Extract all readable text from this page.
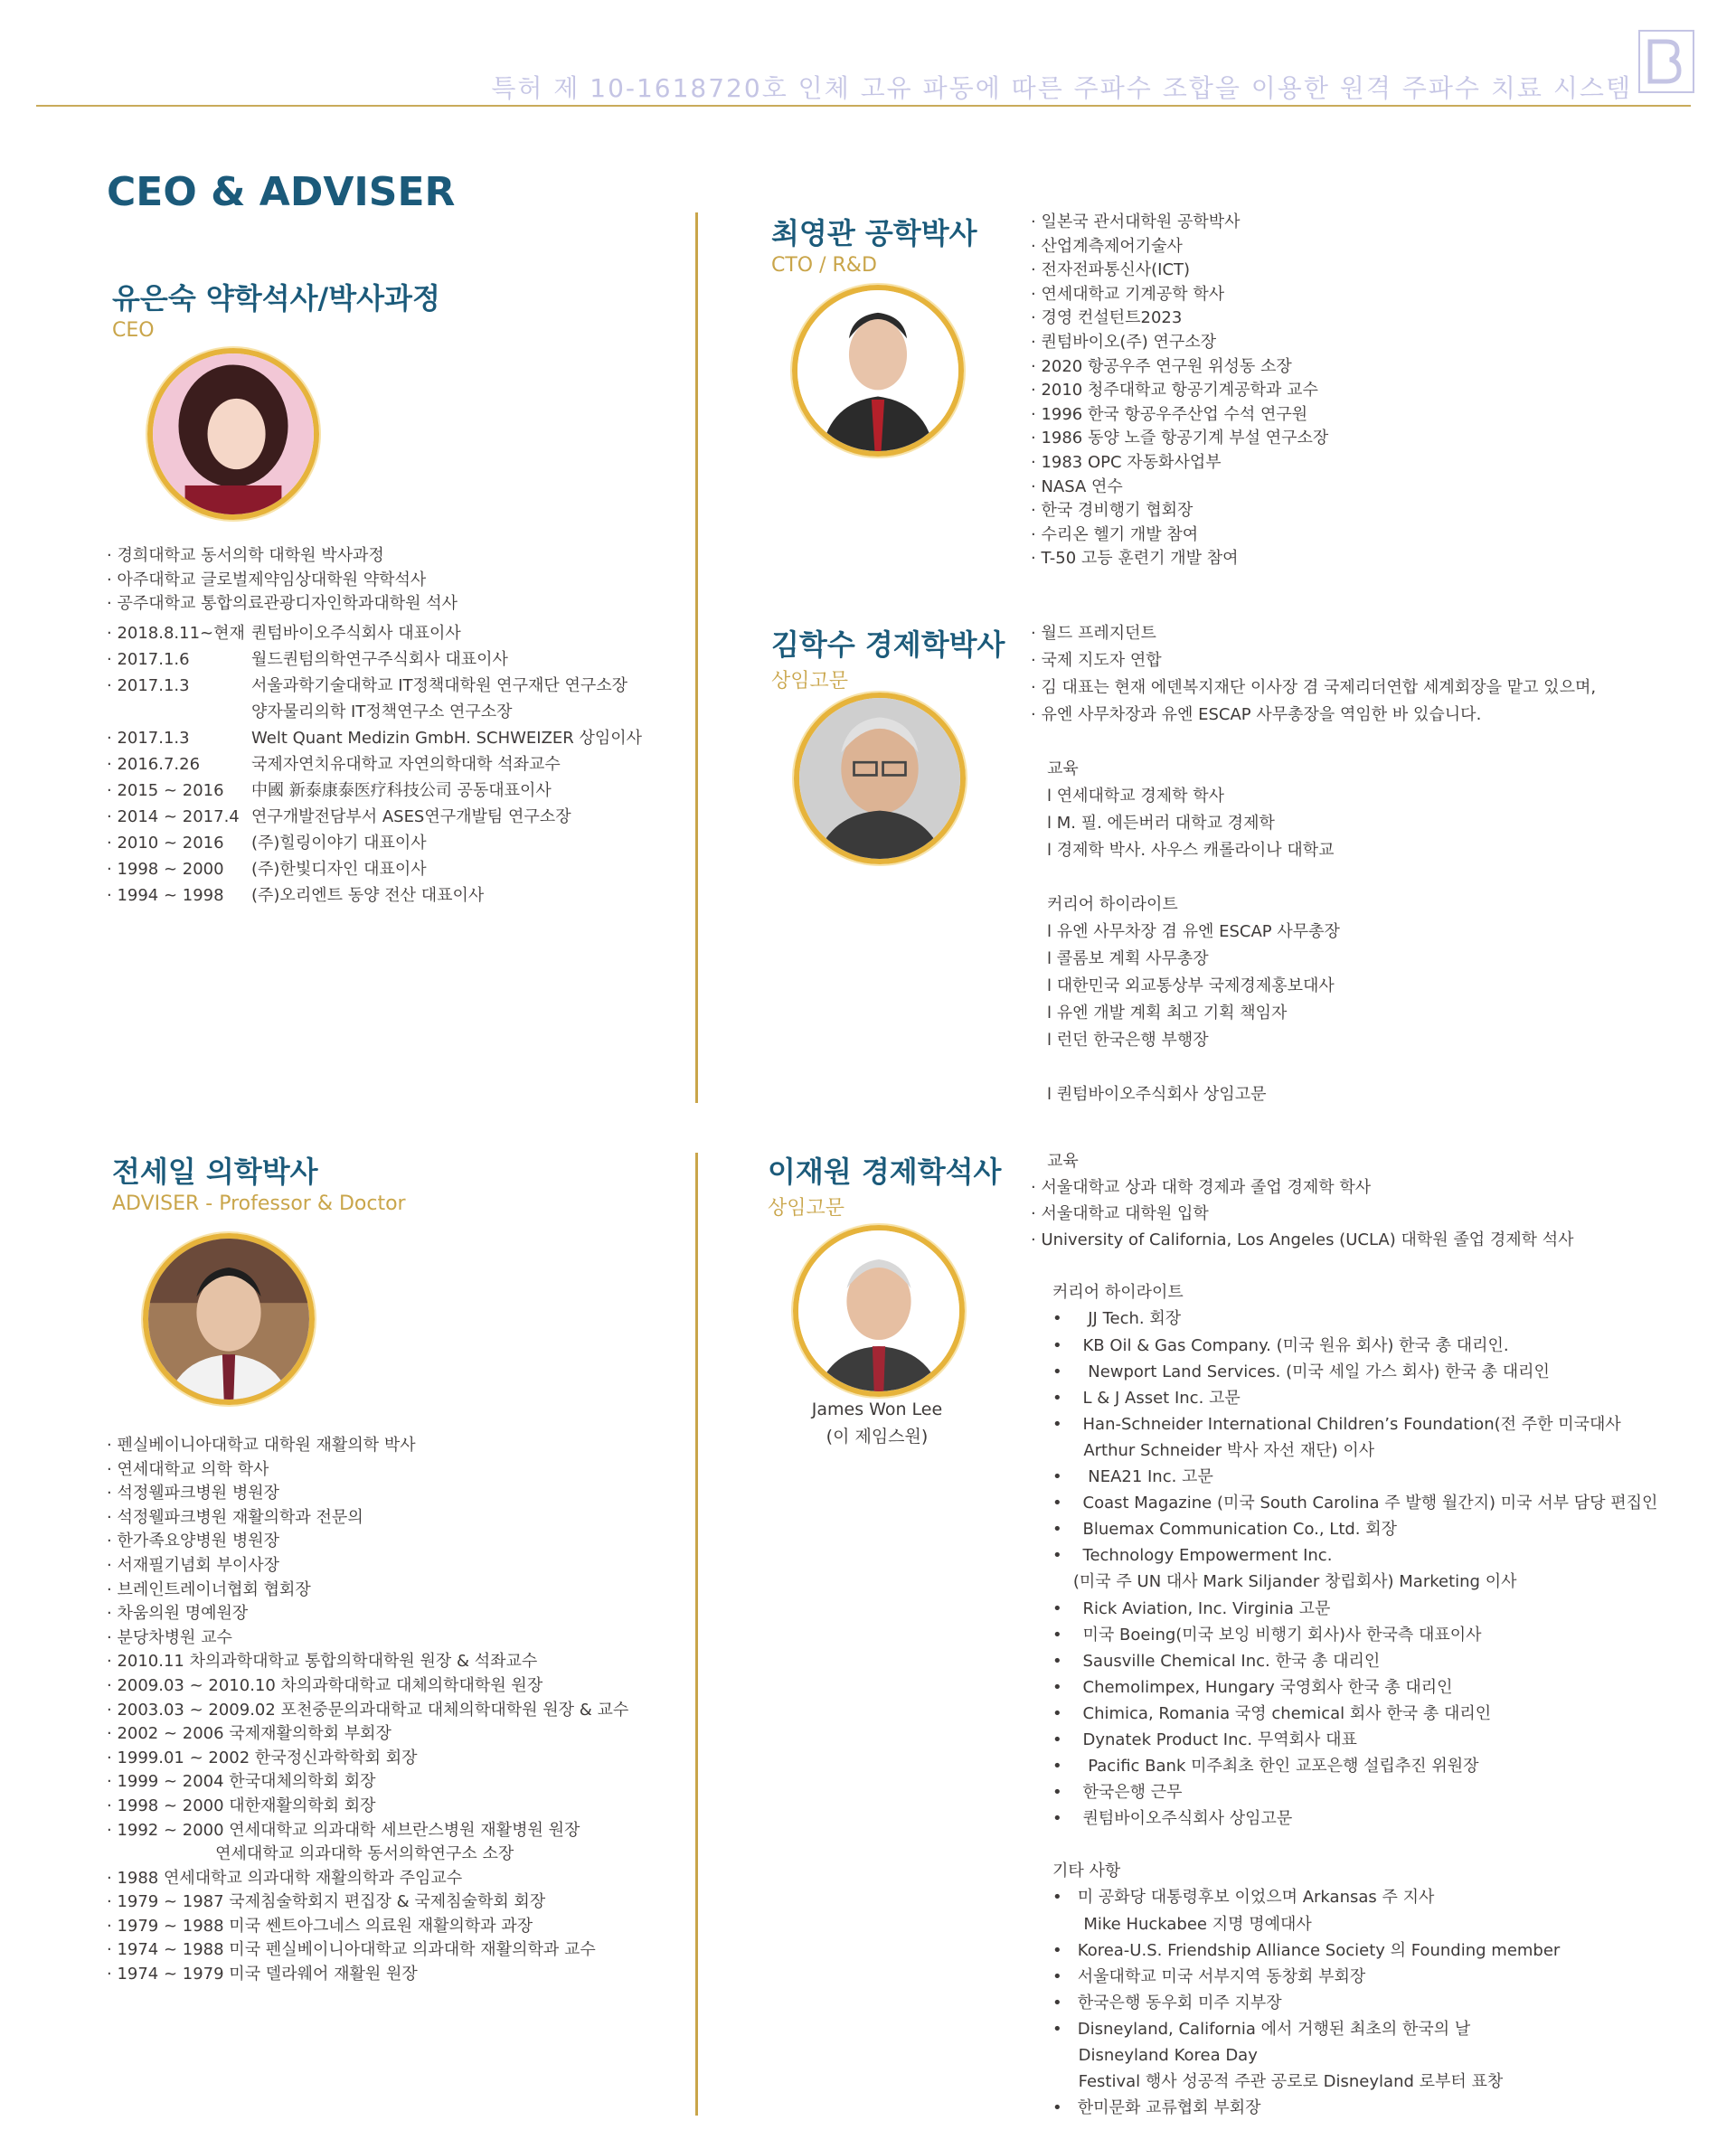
특허 제 10-1618720호 인체 고유 파동에 따른 주파수 조합을 이용한 원격 주파수 치료 시스템
CEO & ADVISER
유은숙 약학석사/박사과정
CEO
· 경희대학교 동서의학 대학원 박사과정
· 아주대학교 글로벌제약임상대학원 약학석사
· 공주대학교 통합의료관광디자인학과대학원 석사
· 2018.8.11~현재 퀀텀바이오주식회사 대표이사
· 2017.1.6	월드퀀텀의학연구주식회사 대표이사
· 2017.1.3	서울과학기술대학교 IT정책대학원 연구재단 연구소장
양자물리의학 IT정책연구소 연구소장
· 2017.1.3	Welt Quant Medizin GmbH. SCHWEIZER 상임이사
· 2016.7.26	국제자연치유대학교 자연의학대학 석좌교수
· 2015 ~ 2016	中國 新泰康泰医疗科技公司 공동대표이사
· 2014 ~ 2017.4 연구개발전담부서 ASES연구개발팀 연구소장
· 2010 ~ 2016	(주)힐링이야기 대표이사
· 1998 ~ 2000	(주)한빛디자인 대표이사
· 1994 ~ 1998	(주)오리엔트 동양 전산 대표이사
최영관 공학박사
CTO / R&D
· 일본국 관서대학원 공학박사
· 산업계측제어기술사
· 전자전파통신사(ICT)
· 연세대학교 기계공학 학사
· 경영 컨설턴트2023
· 퀀텀바이오(주) 연구소장
· 2020 항공우주 연구원 위성동 소장
· 2010 청주대학교 항공기계공학과 교수
· 1996 한국 항공우주산업 수석 연구원
· 1986 동양 노즐 항공기계 부설 연구소장
· 1983 OPC 자동화사업부
· NASA 연수
· 한국 경비행기 협회장
· 수리온 헬기 개발 참여
· T-50 고등 훈련기 개발 참여
김학수 경제학박사
상임고문
· 월드 프레지던트
· 국제 지도자 연합
· 김 대표는 현재 에덴복지재단 이사장 겸 국제리더연합 세계회장을 맡고 있으며,
· 유엔 사무차장과 유엔 ESCAP 사무총장을 역임한 바 있습니다.
교육
l 연세대학교 경제학 학사
l M. 필. 에든버러 대학교 경제학
l 경제학 박사. 사우스 캐롤라이나 대학교
커리어 하이라이트
l 유엔 사무차장 겸 유엔 ESCAP 사무총장
l 콜롬보 계획 사무총장
l 대한민국 외교통상부 국제경제홍보대사
l 유엔 개발 계획 최고 기획 책임자
l 런던 한국은행 부행장
l 퀀텀바이오주식회사 상임고문
전세일 의학박사
ADVISER - Professor & Doctor
· 펜실베이니아대학교 대학원 재활의학 박사
· 연세대학교 의학 학사
· 석정웰파크병원 병원장
· 석정웰파크병원 재활의학과 전문의
· 한가족요양병원 병원장
· 서재필기념회 부이사장
· 브레인트레이너협회 협회장
· 차움의원 명예원장
· 분당차병원 교수
· 2010.11 차의과학대학교 통합의학대학원 원장 & 석좌교수
· 2009.03 ~ 2010.10 차의과학대학교 대체의학대학원 원장
· 2003.03 ~ 2009.02 포천중문의과대학교 대체의학대학원 원장 & 교수
· 2002 ~ 2006 국제재활의학회 부회장
· 1999.01 ~ 2002 한국정신과학학회 회장
· 1999 ~ 2004 한국대체의학회 회장
· 1998 ~ 2000 대한재활의학회 회장
· 1992 ~ 2000 연세대학교 의과대학 세브란스병원 재활병원 원장
연세대학교 의과대학 동서의학연구소 소장
· 1988 연세대학교 의과대학 재활의학과 주임교수
· 1979 ~ 1987 국제침술학회지 편집장 & 국제침술학회 회장
· 1979 ~ 1988 미국 쎈트아그네스 의료원 재활의학과 과장
· 1974 ~ 1988 미국 펜실베이니아대학교 의과대학 재활의학과 교수
· 1974 ~ 1979 미국 델라웨어 재활원 원장
이재원 경제학석사
상임고문
James Won Lee
(이 제임스원)
교육
· 서울대학교 상과 대학 경제과 졸업 경제학 학사
· 서울대학교 대학원 입학
· University of California, Los Angeles (UCLA) 대학원 졸업 경제학 석사
커리어 하이라이트
•     JJ Tech. 회장
•    KB Oil & Gas Company. (미국 원유 회사) 한국 총 대리인.
•     Newport Land Services. (미국 세일 가스 회사) 한국 총 대리인
•    L & J Asset Inc. 고문
•    Han-Schneider International Children’s Foundation(전 주한 미국대사
Arthur Schneider 박사 자선 재단) 이사
•     NEA21 Inc. 고문
•    Coast Magazine (미국 South Carolina 주 발행 월간지) 미국 서부 담당 편집인
•    Bluemax Communication Co., Ltd. 회장
•    Technology Empowerment Inc.
(미국 주 UN 대사 Mark Siljander 창립회사) Marketing 이사
•    Rick Aviation, Inc. Virginia 고문
•    미국 Boeing(미국 보잉 비행기 회사)사 한국측 대표이사
•    Sausville Chemical Inc. 한국 총 대리인
•    Chemolimpex, Hungary 국영회사 한국 총 대리인
•    Chimica, Romania 국영 chemical 회사 한국 총 대리인
•    Dynatek Product Inc. 무역회사 대표
•     Pacific Bank 미주최초 한인 교포은행 설립추진 위원장
•    한국은행 근무
•    퀀텀바이오주식회사 상임고문
기타 사항
•   미 공화당 대통령후보 이었으며 Arkansas 주 지사
Mike Huckabee 지명 명예대사
•   Korea-U.S. Friendship Alliance Society 의 Founding member
•   서울대학교 미국 서부지역 동창회 부회장
•   한국은행 동우회 미주 지부장
•   Disneyland, California 에서 거행된 최초의 한국의 날
Disneyland Korea Day
Festival 행사 성공적 주관 공로로 Disneyland 로부터 표창
•   한미문화 교류협회 부회장
